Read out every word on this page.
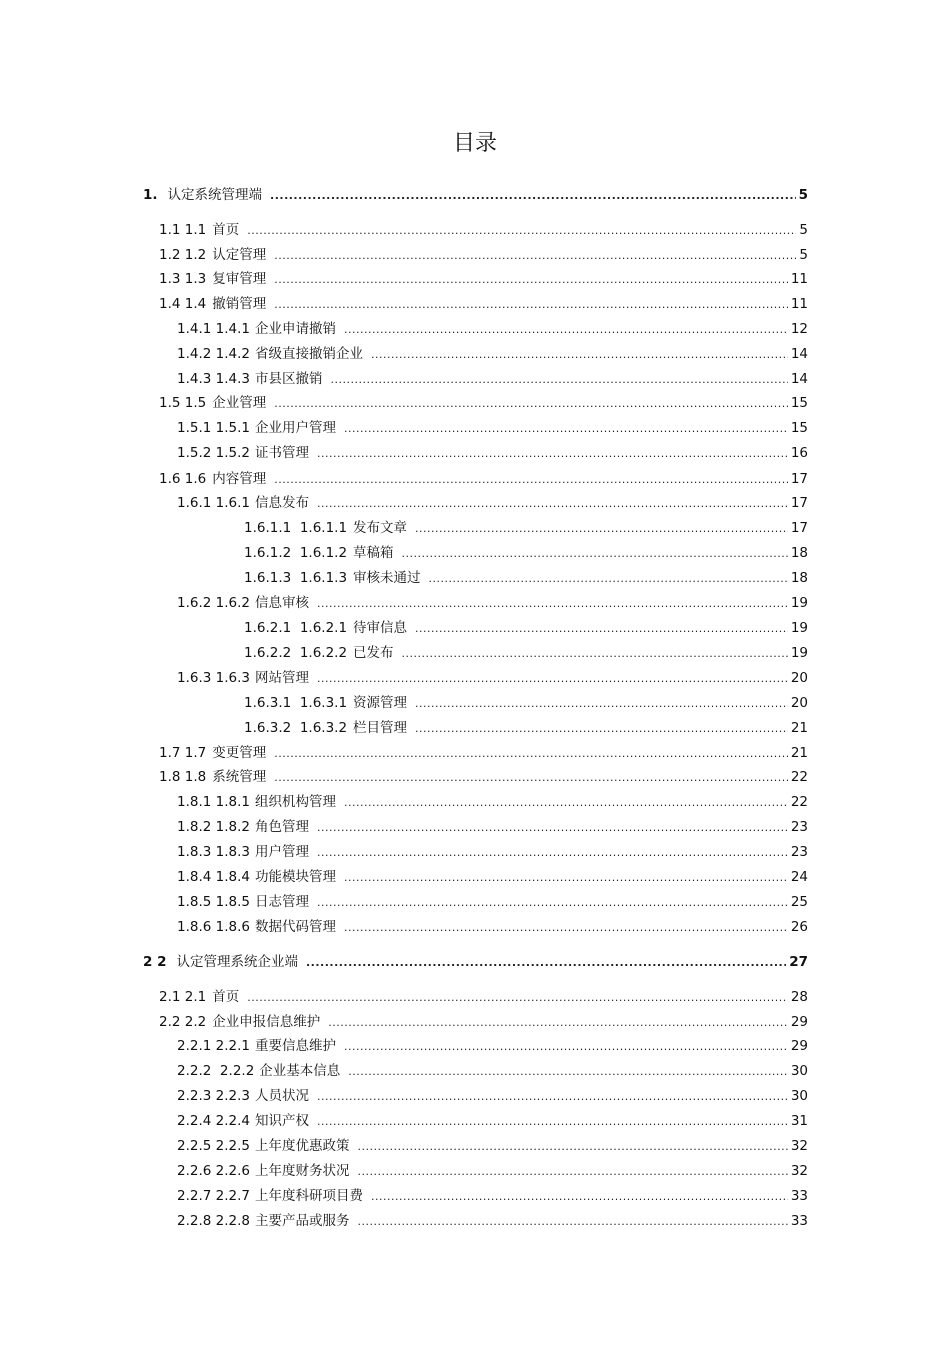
目录
1. 认定系统管理端 .....	5
1.1 1.1 首页 .....	5
1.2 1.2 认定管理 .....	5
1.3 1.3 复审管理 .....	11
1.4 1.4 撤销管理 .....	11
1.4.1 1.4.1 企业申请撤销 .....	12
1.4.2 1.4.2 省级直接撤销企业 .....	14
1.4.3 1.4.3 市县区撤销 .....	14
1.5 1.5 企业管理 .....	15
1.5.1 1.5.1 企业用户管理 .....	15
1.5.2 1.5.2 证书管理 .....	16
1.6 1.6 内容管理 .....	17
1.6.1 1.6.1 信息发布 .....	17
1.6.1.1  1.6.1.1 发布文章 .....	17
1.6.1.2  1.6.1.2 草稿箱 .....	18
1.6.1.3  1.6.1.3 审核未通过 .....	18
1.6.2 1.6.2 信息审核 .....	19
1.6.2.1  1.6.2.1 待审信息 .....	19
1.6.2.2  1.6.2.2 已发布 .....	19
1.6.3 1.6.3 网站管理 .....	20
1.6.3.1  1.6.3.1 资源管理 .....	20
1.6.3.2  1.6.3.2 栏目管理 .....	21
1.7 1.7 变更管理 .....	21
1.8 1.8 系统管理 .....	22
1.8.1 1.8.1 组织机构管理 .....	22
1.8.2 1.8.2 角色管理 .....	23
1.8.3 1.8.3 用户管理 .....	23
1.8.4 1.8.4 功能模块管理 .....	24
1.8.5 1.8.5 日志管理 .....	25
1.8.6 1.8.6 数据代码管理 .....	26
2 2 认定管理系统企业端 .....	27
2.1 2.1 首页 .....	28
2.2 2.2 企业申报信息维护 .....	29
2.2.1 2.2.1 重要信息维护 .....	29
2.2.2  2.2.2 企业基本信息 .....	30
2.2.3 2.2.3 人员状况 .....	30
2.2.4 2.2.4 知识产权 .....	31
2.2.5 2.2.5 上年度优惠政策 .....	32
2.2.6 2.2.6 上年度财务状况 .....	32
2.2.7 2.2.7 上年度科研项目费 .....	33
2.2.8 2.2.8 主要产品或服务 .....	33
